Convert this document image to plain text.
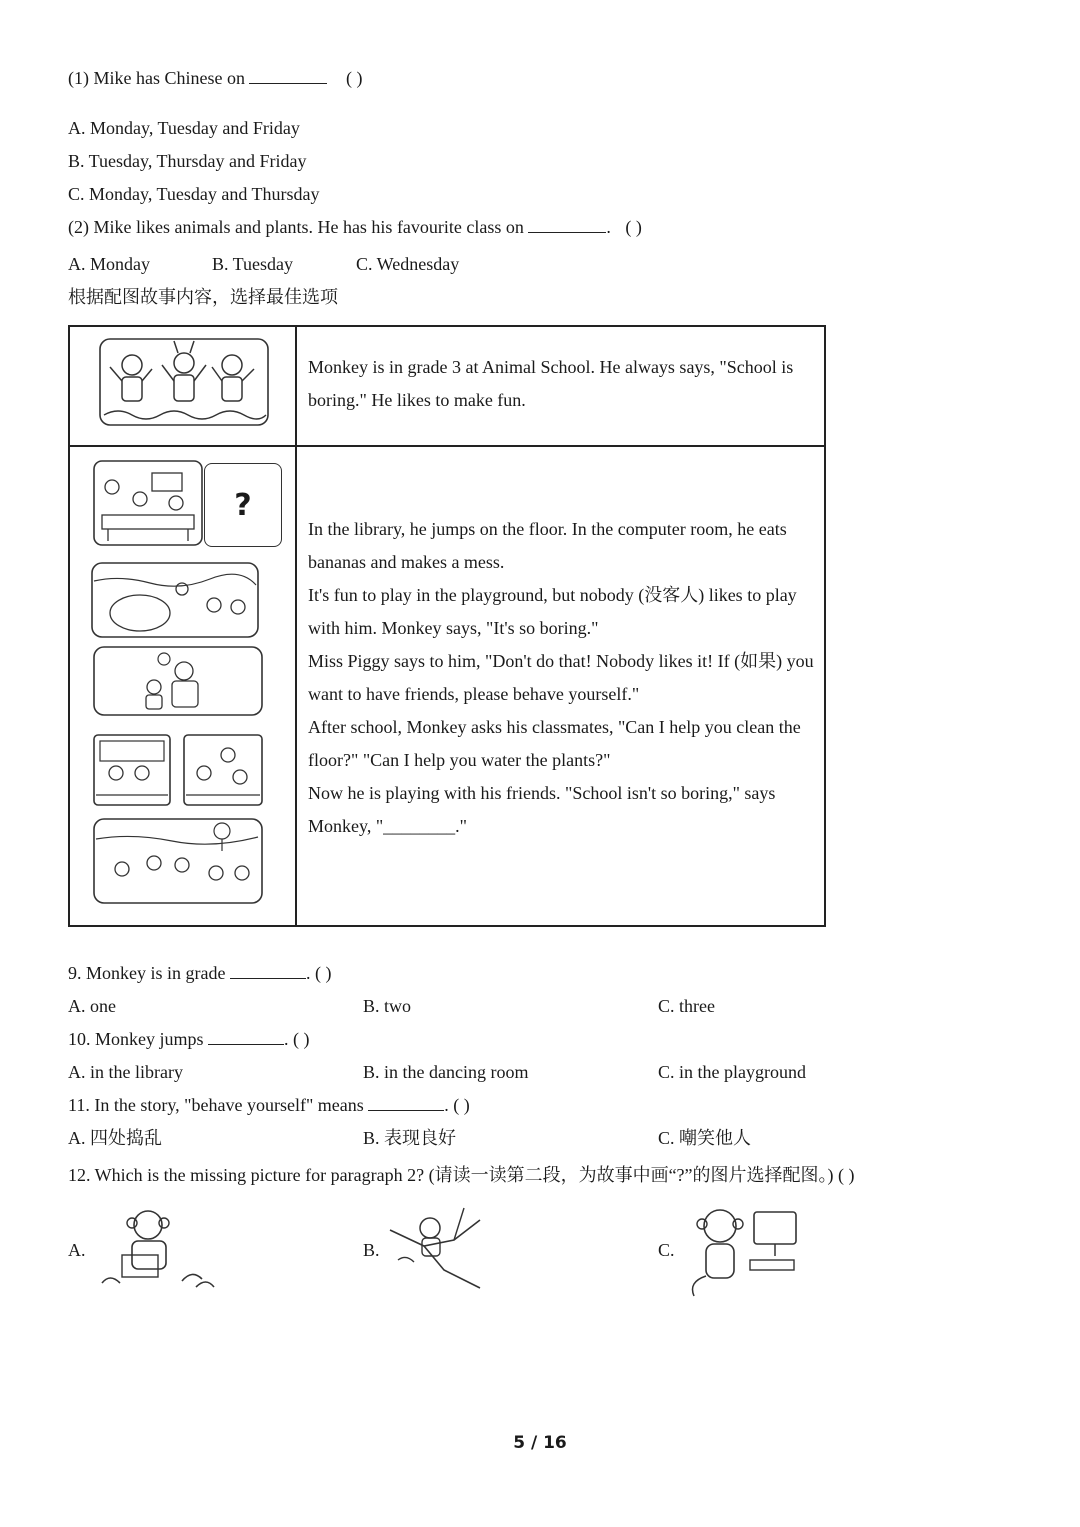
(1) Mike has Chinese on	( )
A. Monday, Tuesday and Friday
B. Tuesday, Thursday and Friday
C. Monday, Tuesday and Thursday
(2) Mike likes animals and plants. He has his favourite class on	. ( )
A. Monday	B. Tuesday	C. Wednesday
根据配图故事内容，选择最佳选项
Monkey is in grade 3 at Animal School. He always says, "School is boring." He likes to make fun.
?

In the library, he jumps on the floor. In the computer room, he eats bananas and makes a mess.

It's fun to play in the playground, but nobody (没客人) likes to play with him. Monkey says, "It's so boring."

Miss Piggy says to him, "Don't do that! Nobody likes it! If (如果) you want to have friends, please behave yourself."

After school, Monkey asks his classmates, "Can I help you clean the floor?" "Can I help you water the plants?"

Now he is playing with his friends. "School isn't so boring," says Monkey, "________."

9. Monkey is in grade	. ( )
A. one	B. two	C. three
10. Monkey jumps	. ( )
A. in the library	B. in the dancing room	C. in the playground
11. In the story, "behave yourself" means	. ( )
A. 四处捣乱	B. 表现良好	C. 嘲笑他人
12. Which is the missing picture for paragraph 2? (请读一读第二段，为故事中画“?”的图片选择配图。) ( )
A.	B.	C.
5 / 16
